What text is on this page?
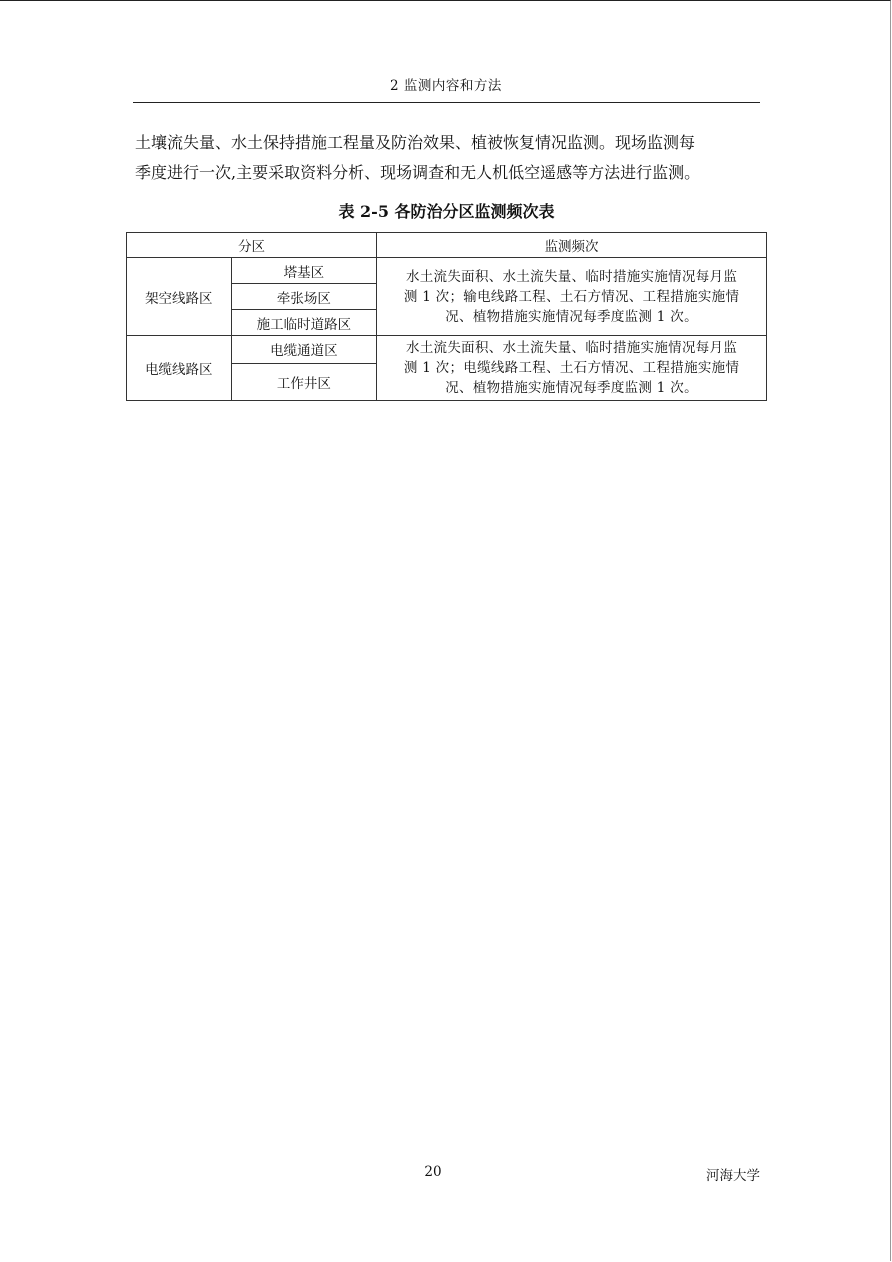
2 监测内容和方法

土壤流失量、水土保持措施工程量及防治效果、植被恢复情况监测。现场监测每
季度进行一次,主要采取资料分析、现场调查和无人机低空遥感等方法进行监测。

表 2-5 各防治分区监测频次表
分区		监测频次
架空线路区	塔基区	水土流失面积、水土流失量、临时措施实施情况每月监
测 1 次；输电线路工程、土石方情况、工程措施实施情
况、植物措施实施情况每季度监测 1 次。

	牵张场区	
	施工临时道路区	
电缆线路区	电缆通道区	水土流失面积、水土流失量、临时措施实施情况每月监
测 1 次；电缆线路工程、土石方情况、工程措施实施情
况、植物措施实施情况每季度监测 1 次。

	工作井区	
20	河海大学
